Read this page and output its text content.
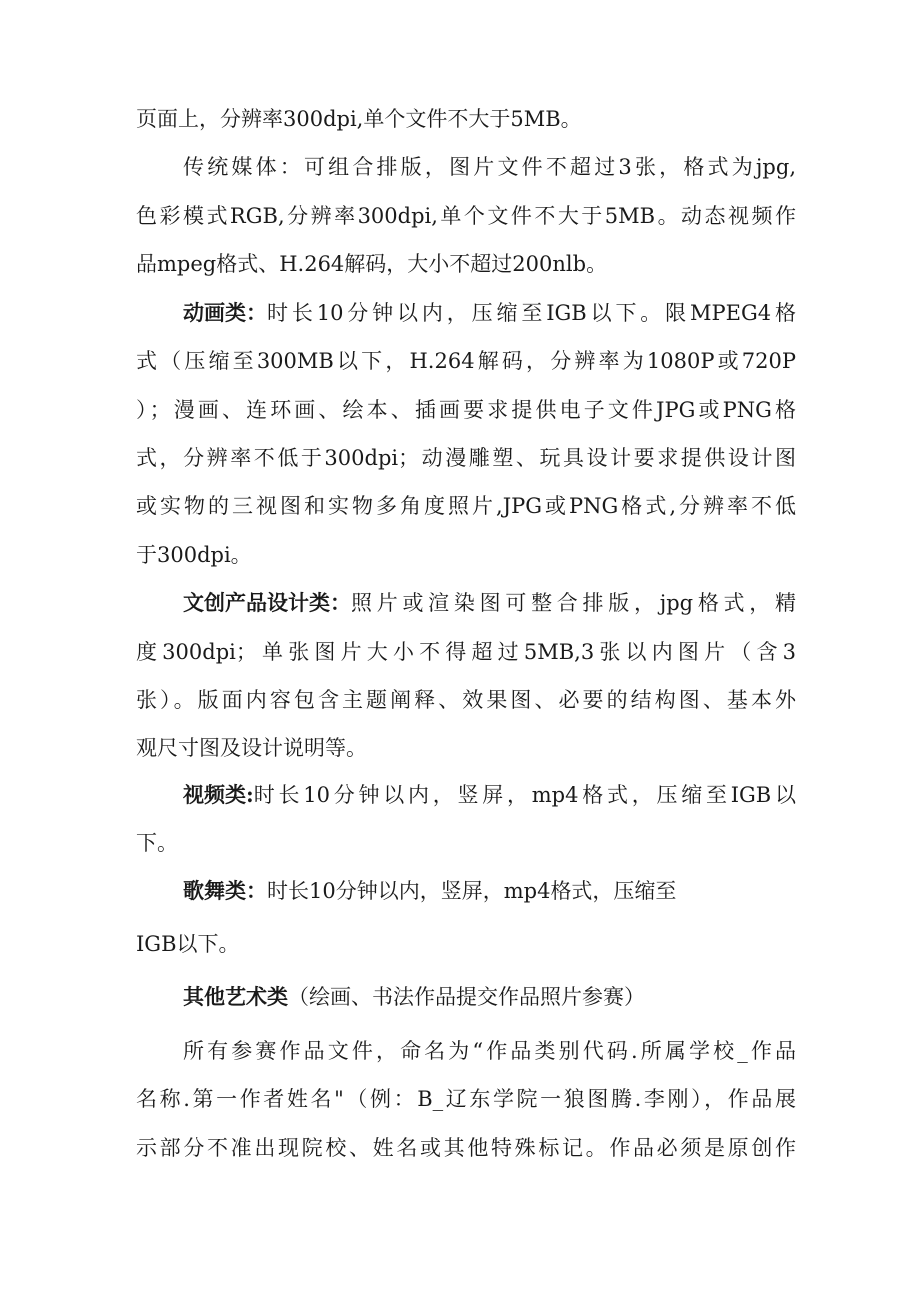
页面上，分辨率300dpi,单个文件不大于5MB。
传统媒体：可组合排版，图片文件不超过3张，格式为jpg,
色彩模式RGB,分辨率300dpi,单个文件不大于5MB。动态视频作
品mpeg格式、H.264解码，大小不超过200nlb。
动画类： 时长10分钟以内，压缩至IGB以下。限MPEG4格
式（压缩至300MB以下，H.264解码，分辨率为1080P或720P
）；漫画、连环画、绘本、插画要求提供电子文件JPG或PNG格
式，分辨率不低于300dpi；动漫雕塑、玩具设计要求提供设计图
或实物的三视图和实物多角度照片,JPG或PNG格式,分辨率不低
于300dpi。
文创产品设计类： 照片或渲染图可整合排版，jpg格式，精
度300dpi；单张图片大小不得超过5MB,3张以内图片（含3
张）。版面内容包含主题阐释、效果图、必要的结构图、基本外
观尺寸图及设计说明等。
视频类: 时长10分钟以内，竖屏，mp4格式，压缩至IGB以
下。
歌舞类：时长10分钟以内，竖屏，mp4格式，压缩至
IGB以下。
其他艺术类（绘画、书法作品提交作品照片参赛）
所有参赛作品文件，命名为“作品类别代码.所属学校_作品
名称.第一作者姓名"（例：B_辽东学院一狼图腾.李刚），作品展
示部分不准出现院校、姓名或其他特殊标记。作品必须是原创作
